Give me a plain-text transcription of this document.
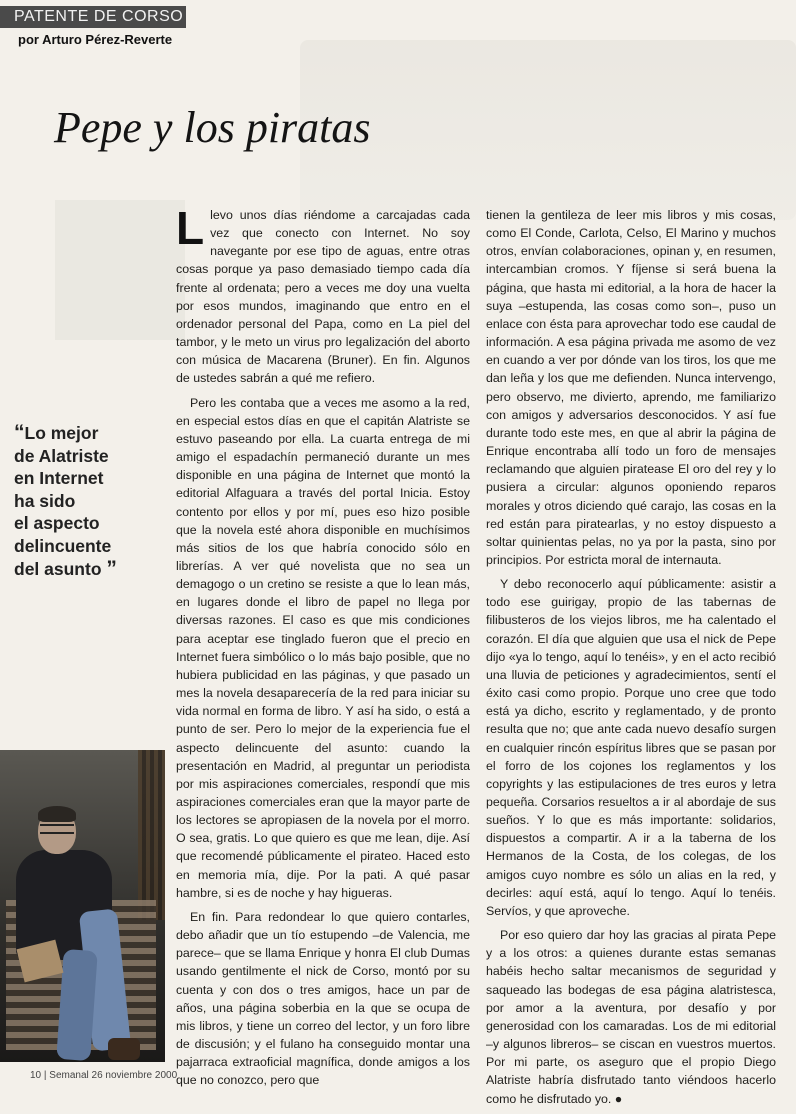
PATENTE DE CORSO
por Arturo Pérez-Reverte
Pepe y los piratas

Llevo unos días riéndome a carcajadas cada vez que conecto con Internet. No soy navegante por ese tipo de aguas, entre otras cosas porque ya paso demasiado tiempo cada día frente al ordenata; pero a veces me doy una vuelta por esos mundos, imaginando que entro en el ordenador personal del Papa, como en La piel del tambor, y le meto un virus pro legalización del aborto con música de Macarena (Bruner). En fin. Algunos de ustedes sabrán a qué me refiero.

Pero les contaba que a veces me asomo a la red, en especial estos días en que el capitán Alatriste se estuvo paseando por ella. La cuarta entrega de mi amigo el espadachín permaneció durante un mes disponible en una página de Internet que montó la editorial Alfaguara a través del portal Inicia. Estoy contento por ellos y por mí, pues eso hizo posible que la novela esté ahora disponible en muchísimos más sitios de los que habría conocido sólo en librerías. A ver qué novelista que no sea un demagogo o un cretino se resiste a que lo lean más, en lugares donde el libro de papel no llega por diversas razones. El caso es que mis condiciones para aceptar ese tinglado fueron que el precio en Internet fuera simbólico o lo más bajo posible, que no hubiera publicidad en las páginas, y que pasado un mes la novela desaparecería de la red para iniciar su vida normal en forma de libro. Y así ha sido, o está a punto de ser. Pero lo mejor de la experiencia fue el aspecto delincuente del asunto: cuando la presentación en Madrid, al preguntar un periodista por mis aspiraciones comerciales, respondí que mis aspiraciones comerciales eran que la mayor parte de los lectores se apropiasen de la novela por el morro. O sea, gratis. Lo que quiero es que me lean, dije. Así que recomendé públicamente el pirateo. Haced esto en memoria mía, dije. Por la pati. A qué pasar hambre, si es de noche y hay higueras.

En fin. Para redondear lo que quiero contarles, debo añadir que un tío estupendo –de Valencia, me parece– que se llama Enrique y honra El club Dumas usando gentilmente el nick de Corso, montó por su cuenta y con dos o tres amigos, hace un par de años, una página soberbia en la que se ocupa de mis libros, y tiene un correo del lector, y un foro libre de discusión; y el fulano ha conseguido montar una pajarraca extraoficial magnífica, donde amigos a los que no conozco, pero que

tienen la gentileza de leer mis libros y mis cosas, como El Conde, Carlota, Celso, El Marino y muchos otros, envían colaboraciones, opinan y, en resumen, intercambian cromos. Y fíjense si será buena la página, que hasta mi editorial, a la hora de hacer la suya –estupenda, las cosas como son–, puso un enlace con ésta para aprovechar todo ese caudal de información. A esa página privada me asomo de vez en cuando a ver por dónde van los tiros, los que me dan leña y los que me defienden. Nunca intervengo, pero observo, me divierto, aprendo, me familiarizo con amigos y adversarios desconocidos. Y así fue durante todo este mes, en que al abrir la página de Enrique encontraba allí todo un foro de mensajes reclamando que alguien piratease El oro del rey y lo pusiera a circular: algunos oponiendo reparos morales y otros diciendo qué carajo, las cosas en la red están para piratearlas, y no estoy dispuesto a soltar quinientas pelas, no ya por la pasta, sino por principios. Por estricta moral de internauta.

Y debo reconocerlo aquí públicamente: asistir a todo ese guirigay, propio de las tabernas de filibusteros de los viejos libros, me ha calentado el corazón. El día que alguien que usa el nick de Pepe dijo «ya lo tengo, aquí lo tenéis», y en el acto recibió una lluvia de peticiones y agradecimientos, sentí el éxito casi como propio. Porque uno cree que todo está ya dicho, escrito y reglamentado, y de pronto resulta que no; que ante cada nuevo desafío surgen en cualquier rincón espíritus libres que se pasan por el forro de los cojones los reglamentos y los copyrights y las estipulaciones de tres euros y letra pequeña. Corsarios resueltos a ir al abordaje de sus sueños. Y lo que es más importante: solidarios, dispuestos a compartir. A ir a la taberna de los Hermanos de la Costa, de los colegas, de los amigos cuyo nombre es sólo un alias en la red, y decirles: aquí está, aquí lo tengo. Aquí lo tenéis. Servíos, y que aproveche.

Por eso quiero dar hoy las gracias al pirata Pepe y a los otros: a quienes durante estas semanas habéis hecho saltar mecanismos de seguridad y saqueado las bodegas de esa página alatristesca, por amor a la aventura, por desafío y por generosidad con los camaradas. Los de mi editorial –y algunos libreros– se ciscan en vuestros muertos. Por mi parte, os aseguro que el propio Diego Alatriste habría disfrutado tanto viéndoos hacerlo como he disfrutado yo. ●

“Lo mejor
de Alatriste
en Internet
ha sido
el aspecto
delincuente
del asunto ”
10 | Semanal 26 noviembre 2000
